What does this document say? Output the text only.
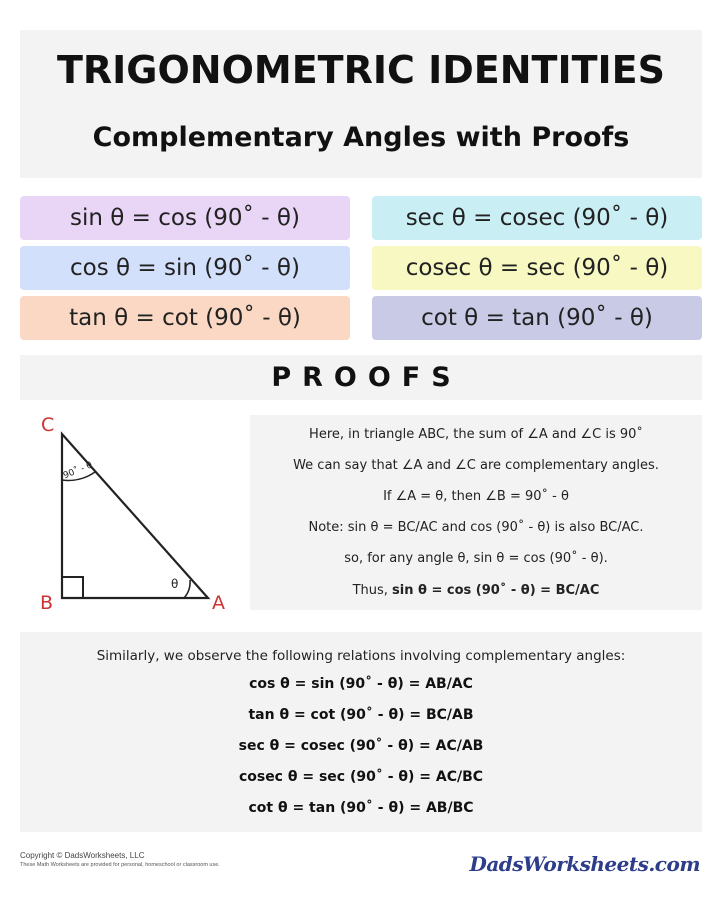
TRIGONOMETRIC IDENTITIES
Complementary Angles with Proofs
sin θ = cos (90˚ - θ)
cos θ = sin (90˚ - θ)
tan θ = cot (90˚ - θ)
sec θ = cosec (90˚ - θ)
cosec θ = sec (90˚ - θ)
cot θ = tan (90˚ - θ)
PROOFS
C
B	A
90˚ - θ
θ
Here, in triangle ABC, the sum of ∠A and ∠C is 90˚
We can say that ∠A and ∠C are complementary angles.
If ∠A = θ, then ∠B = 90˚ - θ
Note: sin θ = BC/AC and cos (90˚ - θ) is also BC/AC.
so, for any angle θ, sin θ = cos (90˚ - θ).
Thus, sin θ = cos (90˚ - θ) = BC/AC
Similarly, we observe the following relations involving complementary angles:
cos θ = sin (90˚ - θ) = AB/AC
tan θ = cot (90˚ - θ) = BC/AB
sec θ = cosec (90˚ - θ) = AC/AB
cosec θ = sec (90˚ - θ) = AC/BC
cot θ = tan (90˚ - θ) = AB/BC
Copyright © DadsWorksheets, LLC
These Math Worksheets are provided for personal, homeschool or classroom use.	DadsWorksheets.com
